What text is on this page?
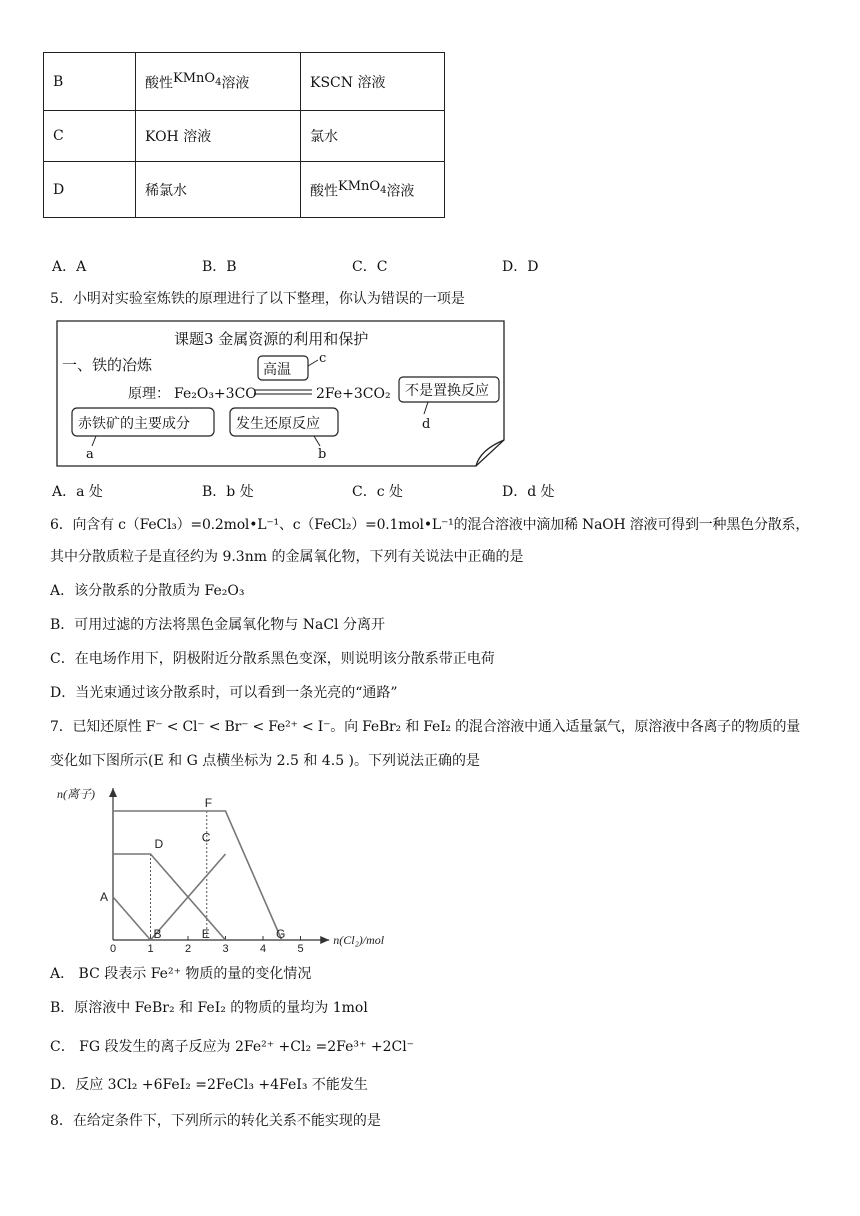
B	酸性$^{KMnO_4}$溶液	KSCN 溶液
C	KOH 溶液	氯水
D	稀氯水	酸性$^{KMnO_4}$溶液
A．A	B．B	C．C	D．D
5．小明对实验室炼铁的原理进行了以下整理，你认为错误的一项是
课题3 金属资源的利用和保护
一、铁的冶炼
原理： Fe₂O₃+3CO	2Fe+3CO₂
高温
c
不是置换反应
d
赤铁矿的主要成分
a
发生还原反应
b
A．a 处	B．b 处	C．c 处	D．d 处
6．向含有 c（FeCl₃）=0.2mol•L⁻¹、c（FeCl₂）=0.1mol•L⁻¹的混合溶液中滴加稀 NaOH 溶液可得到一种黑色分散系，
其中分散质粒子是直径约为 9.3nm 的金属氧化物，下列有关说法中正确的是
A．该分散系的分散质为 Fe₂O₃
B．可用过滤的方法将黑色金属氧化物与 NaCl 分离开
C．在电场作用下，阴极附近分散系黑色变深，则说明该分散系带正电荷
D．当光束通过该分散系时，可以看到一条光亮的“通路”
7．已知还原性 F⁻ < Cl⁻ < Br⁻ < Fe²⁺ < I⁻。向 FeBr₂ 和 FeI₂ 的混合溶液中通入适量氯气，原溶液中各离子的物质的量
变化如下图所示(E 和 G 点横坐标为 2.5 和 4.5 )。下列说法正确的是
0	1	2	3	4	5
n(离子)
n(Cl₂)/mol
A
B
C
D
E
F
G
A． BC 段表示 Fe²⁺ 物质的量的变化情况
B．原溶液中 FeBr₂ 和 FeI₂ 的物质的量均为 1mol
C． FG 段发生的离子反应为 2Fe²⁺ +Cl₂ =2Fe³⁺ +2Cl⁻
D．反应 3Cl₂ +6FeI₂ =2FeCl₃ +4FeI₃ 不能发生
8．在给定条件下，下列所示的转化关系不能实现的是
